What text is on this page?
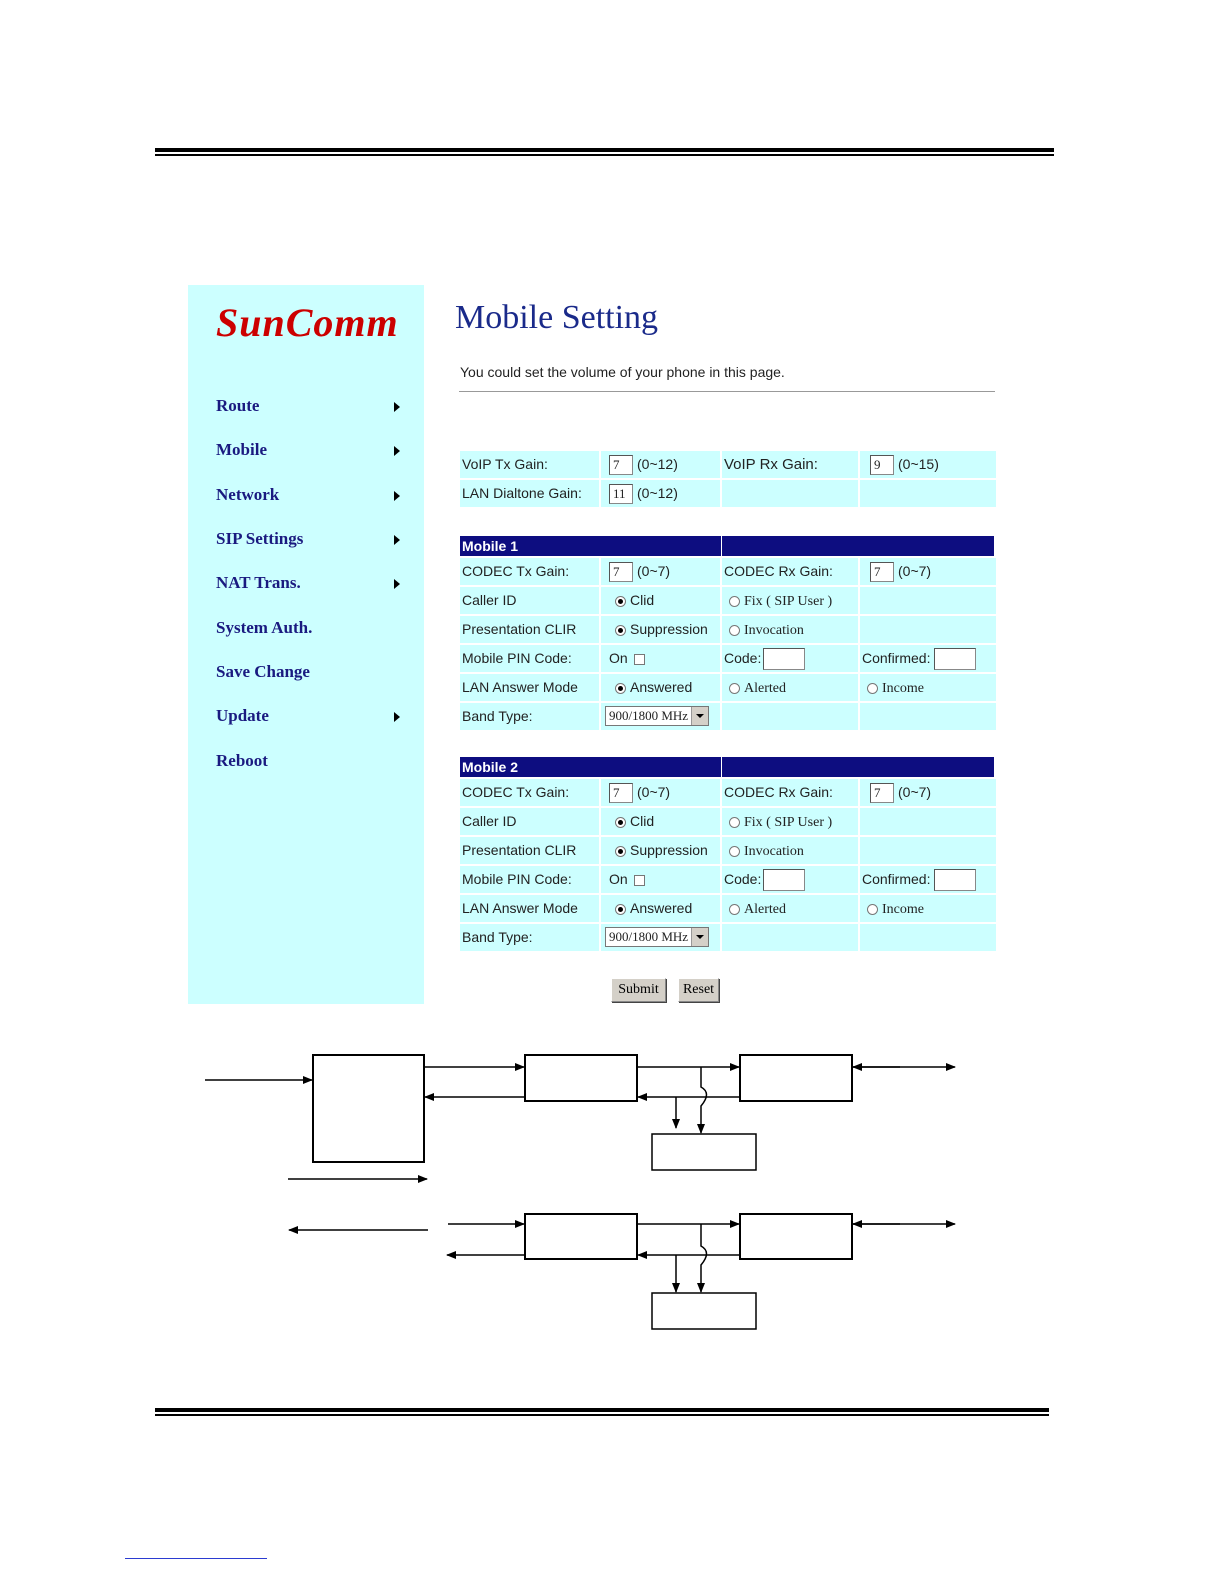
SunComm
Route
Mobile
Network
SIP Settings
NAT Trans.
System Auth.
Save Change
Update
Reboot
Mobile Setting
You could set the volume of your phone in this page.
VoIP Tx Gain:	7 (0~12)	VoIP Rx Gain:	9 (0~15)
LAN Dialtone Gain:	11 (0~12)
Mobile 1
CODEC Tx Gain:	7 (0~7)	CODEC Rx Gain:	7 (0~7)
Caller ID	Clid	Fix ( SIP User )
Presentation CLIR	Suppression	Invocation
Mobile PIN Code:	On	Code:	Confirmed:
LAN Answer Mode	Answered	Alerted	Income
Band Type:	900/1800 MHz
Mobile 2
CODEC Tx Gain:	7 (0~7)	CODEC Rx Gain:	7 (0~7)
Caller ID	Clid	Fix ( SIP User )
Presentation CLIR	Suppression	Invocation
Mobile PIN Code:	On	Code:	Confirmed:
LAN Answer Mode	Answered	Alerted	Income
Band Type:	900/1800 MHz
Submit	Reset
